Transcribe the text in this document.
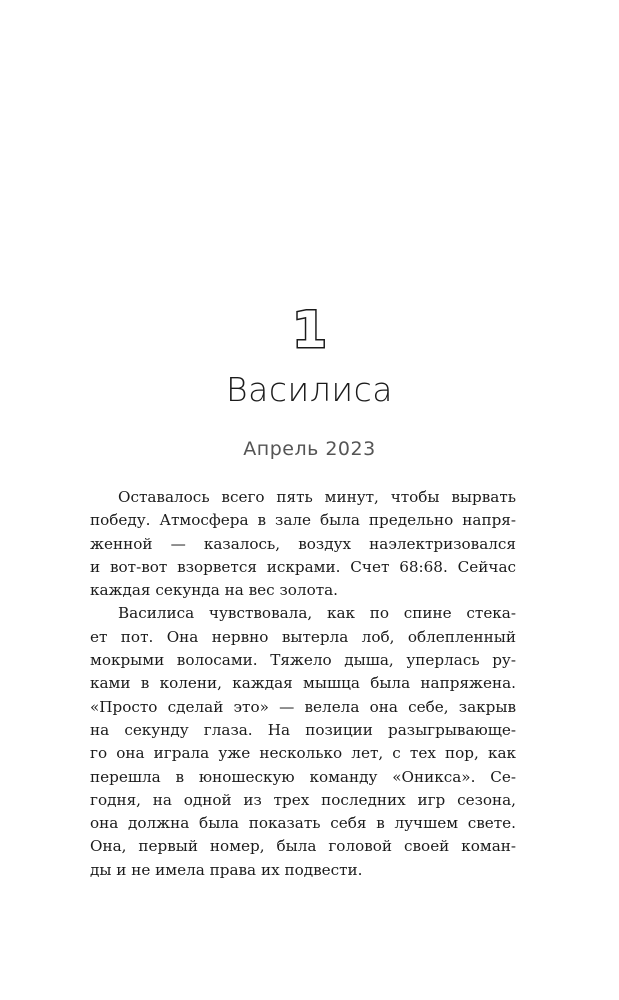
1
Василиса
Апрель 2023
Оставалось всего пять минут, чтобы вырвать
победу. Атмосфера в зале была предельно напря-
женной — казалось, воздух наэлектризовался
и вот-вот взорвется искрами. Счет 68:68. Сейчас
каждая секунда на вес золота.
Василиса чувствовала, как по спине стека-
ет пот. Она нервно вытерла лоб, облепленный
мокрыми волосами. Тяжело дыша, уперлась ру-
ками в колени, каждая мышца была напряжена.
«Просто сделай это» — велела она себе, закрыв
на секунду глаза. На позиции разыгрывающе-
го она играла уже несколько лет, с тех пор, как
перешла в юношескую команду «Оникса». Се-
годня, на одной из трех последних игр сезона,
она должна была показать себя в лучшем свете.
Она, первый номер, была головой своей коман-
ды и не имела права их подвести.
